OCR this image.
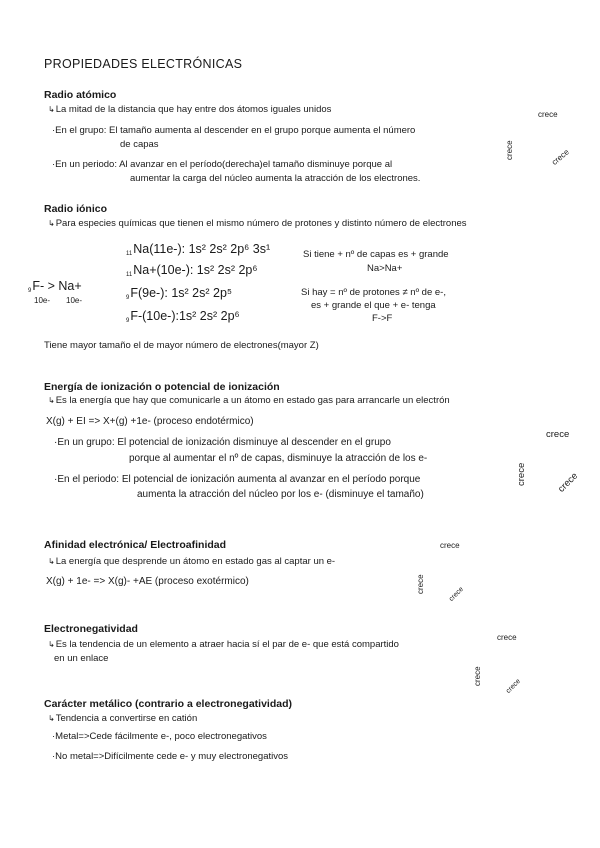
PROPIEDADES ELECTRÓNICAS
Radio atómico
↳ La mitad de la distancia que hay entre dos átomos iguales unidos
·En el grupo: El tamaño aumenta al descender en el grupo porque aumenta el número
de capas
·En un periodo: Al avanzar en el período(derecha)el tamaño disminuye porque al
aumentar la carga del núcleo aumenta la atracción de los electrones.
crece
crece	crece
Radio iónico
↳ Para especies químicas que tienen el mismo número de protones y distinto número de electrones
9F- > Na+
10e- 10e-
11Na(11e-): 1s² 2s² 2p⁶ 3s¹
11Na+(10e-): 1s² 2s² 2p⁶
9F(9e-): 1s² 2s² 2p⁵
9F-(10e-):1s² 2s² 2p⁶
Si tiene + nº de capas es + grande
Na>Na+
Si hay = nº de protones ≠ nº de e-,
es + grande el que + e- tenga
F->F
Tiene mayor tamaño el de mayor número de electrones(mayor Z)
Energía de ionización o potencial de ionización
↳ Es la energía que hay que comunicarle a un átomo en estado gas para arrancarle un electrón
X(g) + EI => X+(g) +1e- (proceso endotérmico)
·En un grupo: El potencial de ionización disminuye al descender en el grupo
porque al aumentar el nº de capas, disminuye la atracción de los e-
·En el periodo: El potencial de ionización aumenta al avanzar en el período porque
aumenta la atracción del núcleo por los e- (disminuye el tamaño)
crece
crece	crece
Afinidad electrónica/ Electroafinidad
↳ La energía que desprende un átomo en estado gas al captar un e-
X(g) + 1e- => X(g)- +AE (proceso exotérmico)
crece
crece
crece
Electronegatividad
↳ Es la tendencia de un elemento a atraer hacia sí el par de e- que está compartido
en un enlace
crece
crece
crece
Carácter metálico (contrario a electronegatividad)
↳ Tendencia a convertirse en catión
·Metal=>Cede fácilmente e-, poco electronegativos
·No metal=>Difícilmente cede e- y muy electronegativos
